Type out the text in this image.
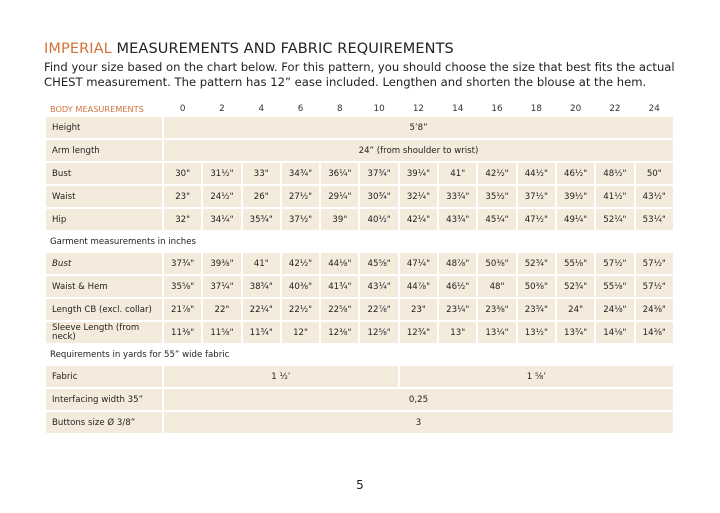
IMPERIAL MEASUREMENTS AND FABRIC REQUIREMENTS
Find your size based on the chart below. For this pattern, you should choose the size that best fits the actual CHEST measurement. The pattern has 12” ease included. Lengthen and shorten the blouse at the hem.
BODY MEASUREMENTS	0	2	4	6	8	10	12	14	16	18	20	22	24
Height	5’8”												
Arm length	24” (from shoulder to wrist)												
Bust	30"	31½"	33"	34¾"	36¼"	37¾"	39¼"	41"	42½"	44½"	46½"	48½"	50"
Waist	23"	24½"	26"	27½"	29¼"	30¾"	32¼"	33¾"	35½"	37½"	39½"	41½"	43½"
Hip	32"	34¼"	35¾"	37½"	39"	40½"	42¼"	43¾"	45¼"	47½"	49¼"	52¼"	53¼"
Garment measurements in inches													
Bust	37¾"	39⅜"	41"	42½"	44⅛"	45⅝"	47¼"	48⅞"	50⅜"	52¾"	55⅛"	57½"	57½"
Waist & Hem	35⅝"	37¼"	38¾"	40⅜"	41¾"	43¼"	44⅞"	46½"	48"	50⅜"	52¾"	55⅛"	57½"
Length CB (excl. collar)	21⅞"	22"	22¼"	22½"	22⅝"	22⅞"	23"	23¼"	23⅜"	23¾"	24"	24⅛"	24⅜"
Sleeve Length (from neck)	11⅜"	11⅝"	11¾"	12"	12⅜"	12⅝"	12¾"	13"	13¼"	13½"	13¾"	14⅛"	14⅜"
Requirements in yards for 55” wide fabric													
Fabric	1 ½’						1 ⅝’						
Interfacing width 35”	0,25												
Buttons size Ø 3/8”	3												
5
